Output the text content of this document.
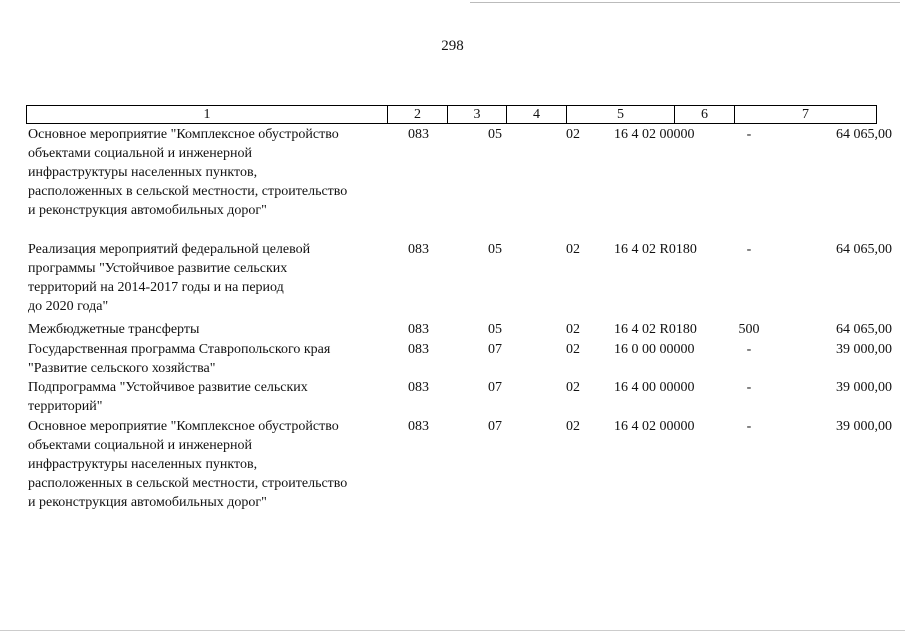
298
1	2	3	4	5	6	7
Основное мероприятие "Комплексное обустройство
объектами социальной и инженерной
инфраструктуры населенных пунктов,
расположенных в сельской местности, строительство
и реконструкция автомобильных дорог"
083	05	02	16 4 02 00000	-	64 065,00
Реализация мероприятий федеральной целевой
программы "Устойчивое развитие сельских
территорий на 2014-2017 годы и на период
до 2020 года"
083	05	02	16 4 02 R0180	-	64 065,00
Межбюджетные трансферты	083	05	02	16 4 02 R0180	500	64 065,00
Государственная программа Ставропольского края
"Развитие сельского хозяйства"
083	07	02	16 0 00 00000	-	39 000,00
Подпрограмма "Устойчивое развитие сельских
территорий"
083	07	02	16 4 00 00000	-	39 000,00
Основное мероприятие "Комплексное обустройство
объектами социальной и инженерной
инфраструктуры населенных пунктов,
расположенных в сельской местности, строительство
и реконструкция автомобильных дорог"
083	07	02	16 4 02 00000	-	39 000,00
